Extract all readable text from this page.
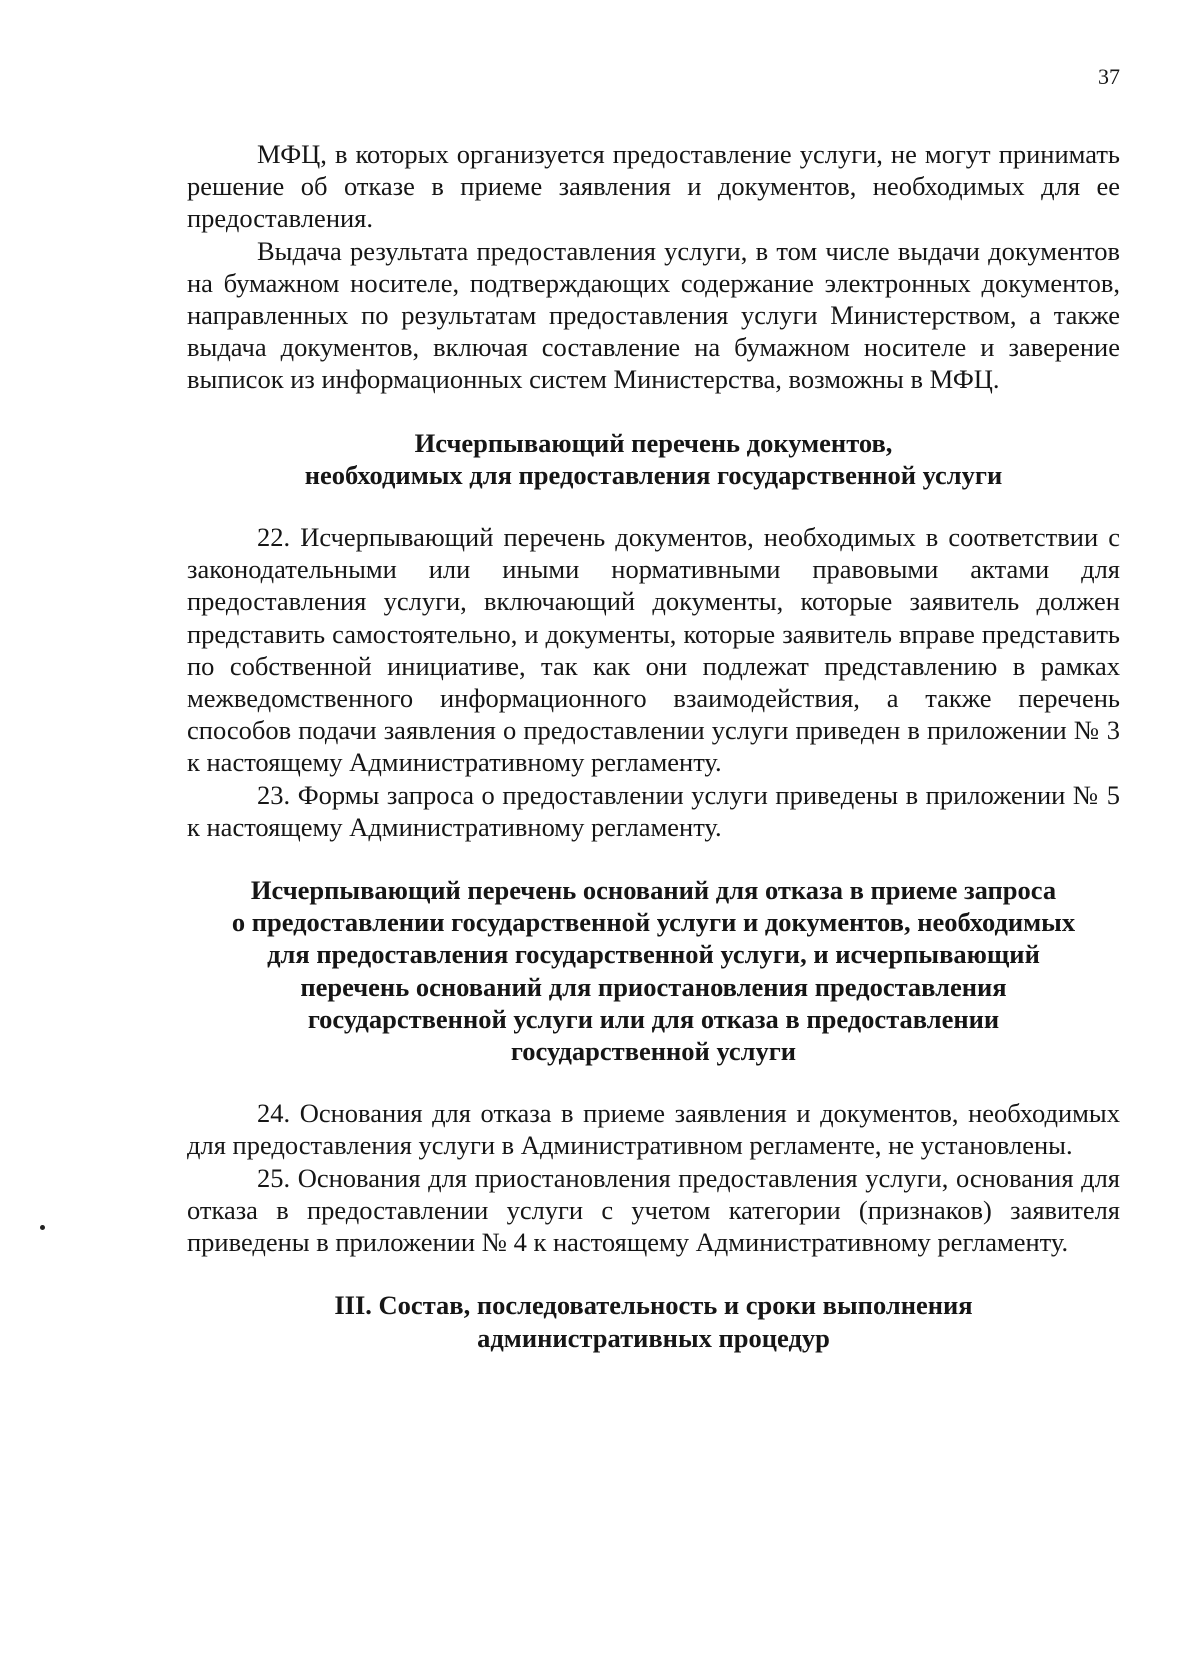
37

МФЦ, в которых организуется предоставление услуги, не могут принимать решение об отказе в приеме заявления и документов, необходимых для ее предоставления.

Выдача результата предоставления услуги, в том числе выдачи документов на бумажном носителе, подтверждающих содержание электронных документов, направленных по результатам предоставления услуги Министерством, а также выдача документов, включая составление на бумажном носителе и заверение выписок из информационных систем Министерства, возможны в МФЦ.

Исчерпывающий перечень документов,
необходимых для предоставления государственной услуги

22. Исчерпывающий перечень документов, необходимых в соответствии с законодательными или иными нормативными правовыми актами для предоставления услуги, включающий документы, которые заявитель должен представить самостоятельно, и документы, которые заявитель вправе представить по собственной инициативе, так как они подлежат представлению в рамках межведомственного информационного взаимодействия, а также перечень способов подачи заявления о предоставлении услуги приведен в приложении № 3 к настоящему Административному регламенту.

23. Формы запроса о предоставлении услуги приведены в приложении № 5 к настоящему Административному регламенту.

Исчерпывающий перечень оснований для отказа в приеме запроса
о предоставлении государственной услуги и документов, необходимых
для предоставления государственной услуги, и исчерпывающий
перечень оснований для приостановления предоставления
государственной услуги или для отказа в предоставлении
государственной услуги

24. Основания для отказа в приеме заявления и документов, необходимых для предоставления услуги в Административном регламенте, не установлены.

25. Основания для приостановления предоставления услуги, основания для отказа в предоставлении услуги с учетом категории (признаков) заявителя приведены в приложении № 4 к настоящему Административному регламенту.

III. Состав, последовательность и сроки выполнения
административных процедур
